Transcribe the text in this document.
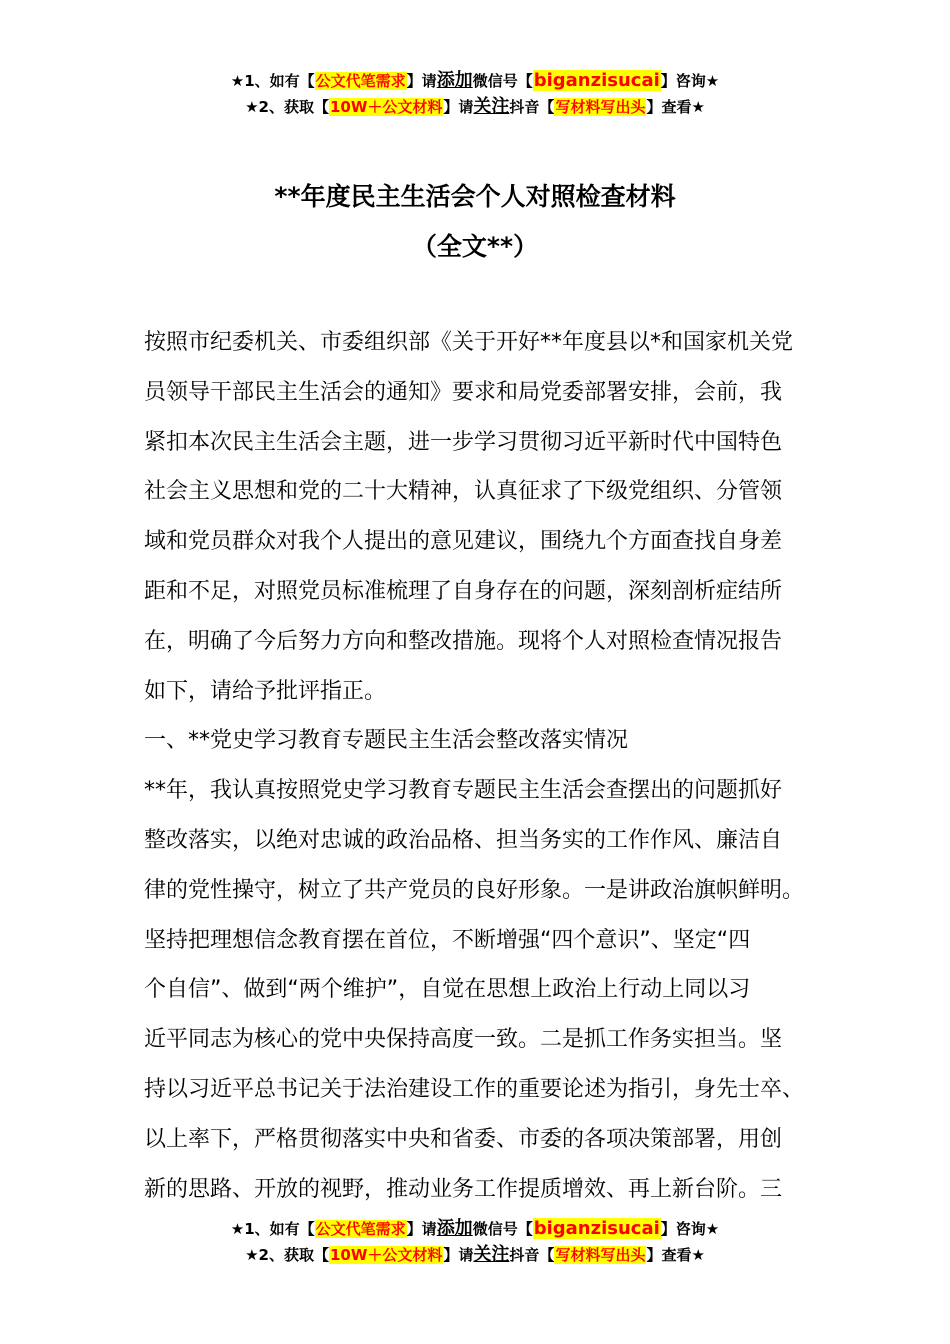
★1、如有【公文代笔需求】请添加微信号【biganzisucai】咨询★
★2、获取【10W＋公文材料】请关注抖音【写材料写出头】查看★
**年度民主生活会个人对照检查材料
（全文**）
按照市纪委机关、市委组织部《关于开好**年度县以*和国家机关党
员领导干部民主生活会的通知》要求和局党委部署安排，会前，我
紧扣本次民主生活会主题，进一步学习贯彻习近平新时代中国特色
社会主义思想和党的二十大精神，认真征求了下级党组织、分管领
域和党员群众对我个人提出的意见建议，围绕九个方面查找自身差
距和不足，对照党员标准梳理了自身存在的问题，深刻剖析症结所
在，明确了今后努力方向和整改措施。现将个人对照检查情况报告
如下，请给予批评指正。
一、**党史学习教育专题民主生活会整改落实情况
**年，我认真按照党史学习教育专题民主生活会查摆出的问题抓好
整改落实，以绝对忠诚的政治品格、担当务实的工作作风、廉洁自
律的党性操守，树立了共产党员的良好形象。一是讲政治旗帜鲜明。
坚持把理想信念教育摆在首位，不断增强“四个意识”、坚定“四
个自信”、做到“两个维护”，自觉在思想上政治上行动上同以习
近平同志为核心的党中央保持高度一致。二是抓工作务实担当。坚
持以习近平总书记关于法治建设工作的重要论述为指引，身先士卒、
以上率下，严格贯彻落实中央和省委、市委的各项决策部署，用创
新的思路、开放的视野，推动业务工作提质增效、再上新台阶。三
★1、如有【公文代笔需求】请添加微信号【biganzisucai】咨询★
★2、获取【10W＋公文材料】请关注抖音【写材料写出头】查看★
